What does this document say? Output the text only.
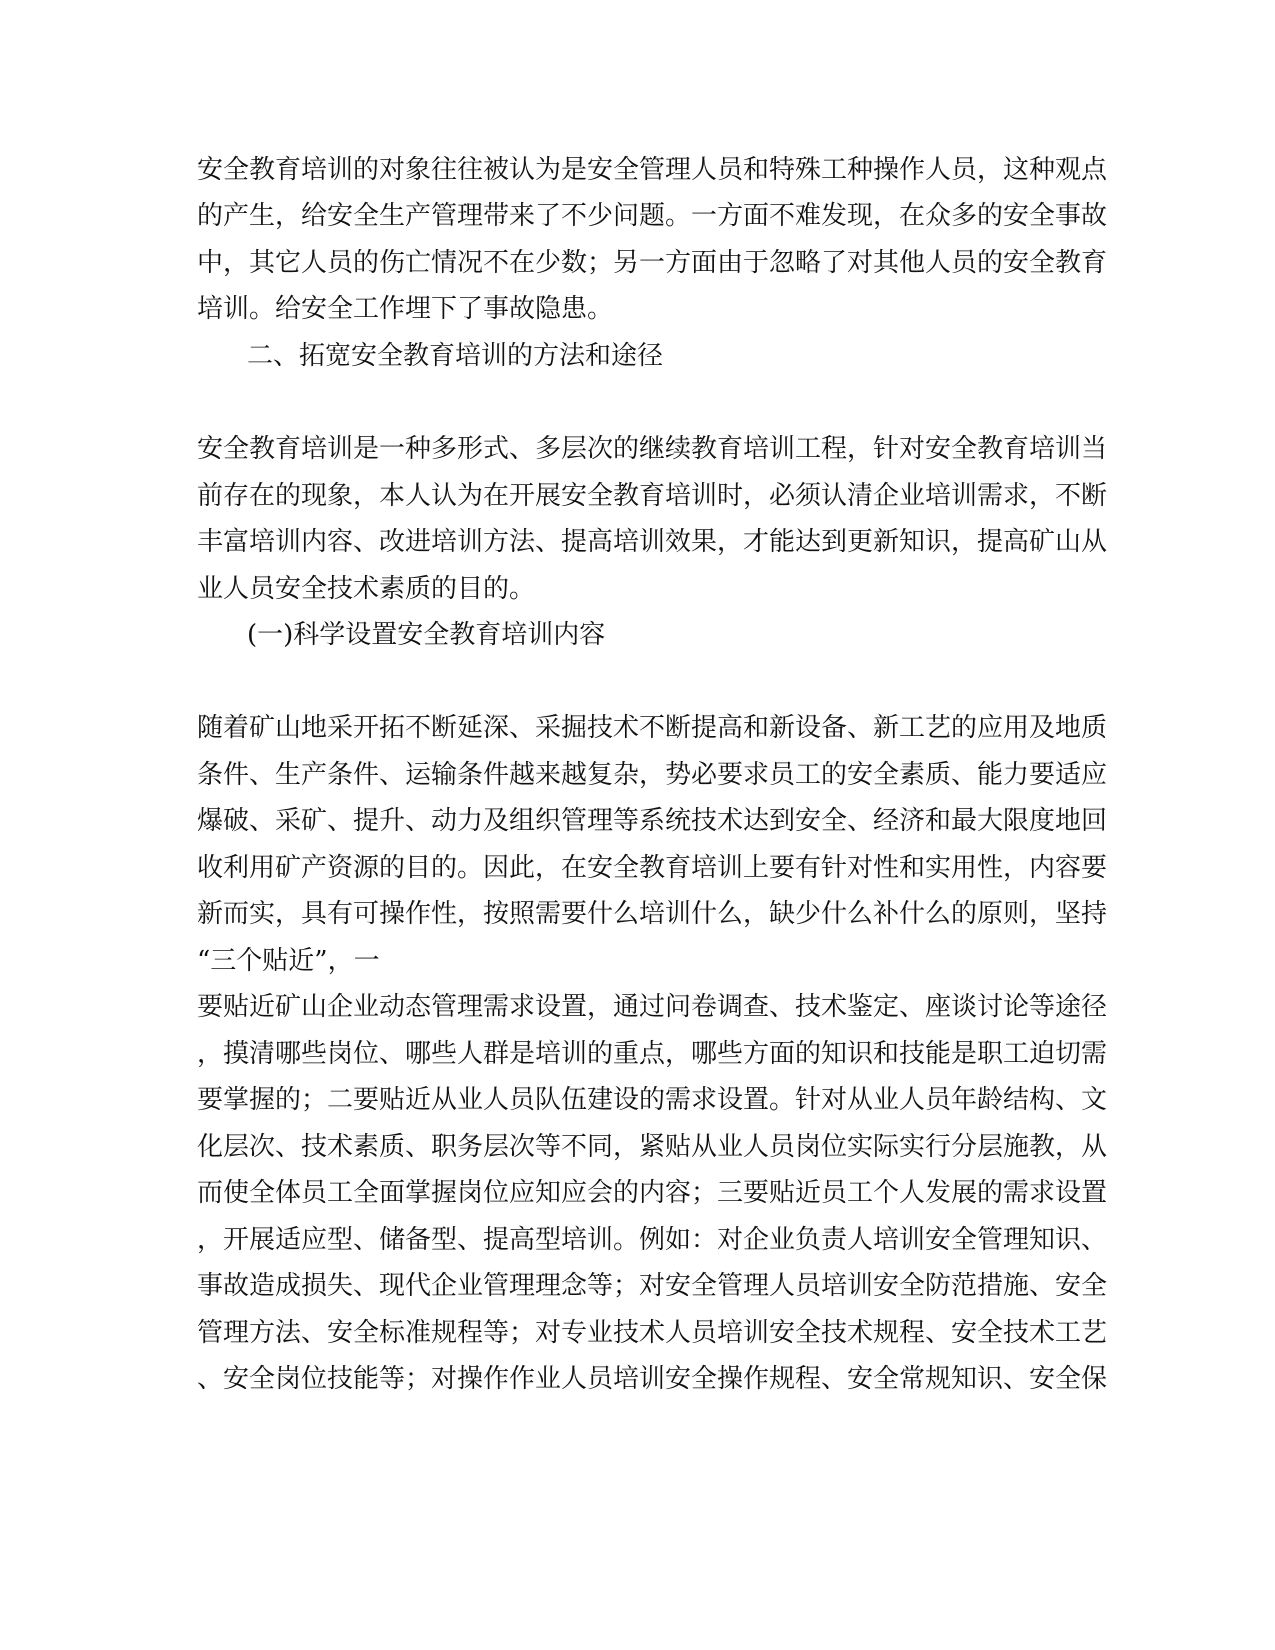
安全教育培训的对象往往被认为是安全管理人员和特殊工种操作人员，这种观点

的产生，给安全生产管理带来了不少问题。一方面不难发现，在众多的安全事故

中，其它人员的伤亡情况不在少数；另一方面由于忽略了对其他人员的安全教育

培训。给安全工作埋下了事故隐患。

二、拓宽安全教育培训的方法和途径

安全教育培训是一种多形式、多层次的继续教育培训工程，针对安全教育培训当

前存在的现象，本人认为在开展安全教育培训时，必须认清企业培训需求，不断

丰富培训内容、改进培训方法、提高培训效果，才能达到更新知识，提高矿山从

业人员安全技术素质的目的。

(一)科学设置安全教育培训内容

随着矿山地采开拓不断延深、采掘技术不断提高和新设备、新工艺的应用及地质

条件、生产条件、运输条件越来越复杂，势必要求员工的安全素质、能力要适应

爆破、采矿、提升、动力及组织管理等系统技术达到安全、经济和最大限度地回

收利用矿产资源的目的。因此，在安全教育培训上要有针对性和实用性，内容要

新而实，具有可操作性，按照需要什么培训什么，缺少什么补什么的原则，坚持

“三个贴近”，一

要贴近矿山企业动态管理需求设置，通过问卷调查、技术鉴定、座谈讨论等途径

，摸清哪些岗位、哪些人群是培训的重点，哪些方面的知识和技能是职工迫切需

要掌握的；二要贴近从业人员队伍建设的需求设置。针对从业人员年龄结构、文

化层次、技术素质、职务层次等不同，紧贴从业人员岗位实际实行分层施教，从

而使全体员工全面掌握岗位应知应会的内容；三要贴近员工个人发展的需求设置

，开展适应型、储备型、提高型培训。例如：对企业负责人培训安全管理知识、

事故造成损失、现代企业管理理念等；对安全管理人员培训安全防范措施、安全

管理方法、安全标准规程等；对专业技术人员培训安全技术规程、安全技术工艺

、安全岗位技能等；对操作作业人员培训安全操作规程、安全常规知识、安全保
